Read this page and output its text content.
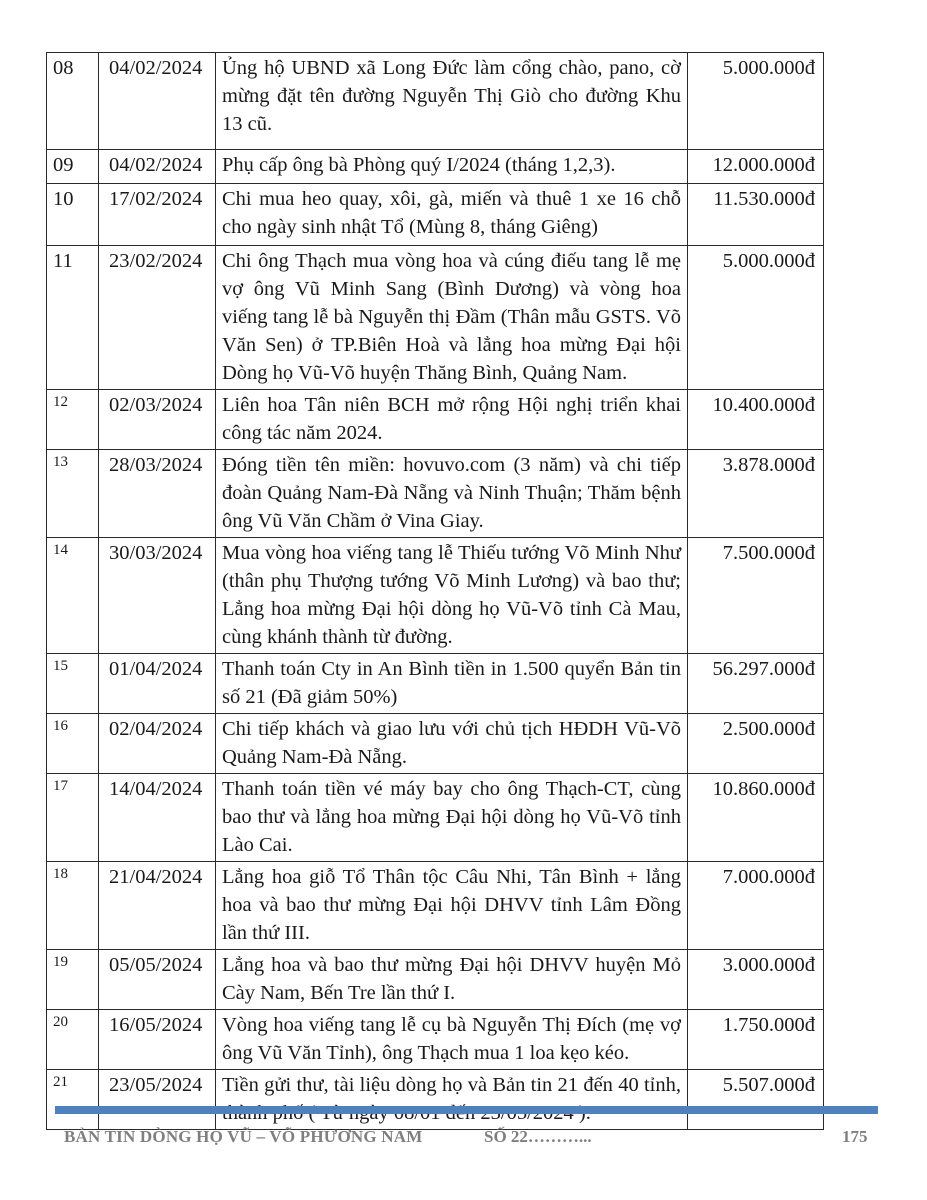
08	04/02/2024	Ủng hộ UBND xã Long Đức làm cổng chào, pano, cờ mừng đặt tên đường Nguyễn Thị Giò cho đường Khu 13 cũ.	5.000.000đ
09	04/02/2024	Phụ cấp ông bà Phòng quý I/2024 (tháng 1,2,3).	12.000.000đ
10	17/02/2024	Chi mua heo quay, xôi, gà, miến và thuê 1 xe 16 chỗ cho ngày sinh nhật Tổ (Mùng 8, tháng Giêng)	11.530.000đ
11	23/02/2024	Chi ông Thạch mua vòng hoa và cúng điếu tang lễ mẹ vợ ông Vũ Minh Sang (Bình Dương) và vòng hoa viếng tang lễ bà Nguyễn thị Đầm (Thân mẫu GSTS. Võ Văn Sen) ở TP.Biên Hoà và lẳng hoa mừng Đại hội Dòng họ Vũ-Võ huyện Thăng Bình, Quảng Nam.	5.000.000đ
12	02/03/2024	Liên hoa Tân niên BCH mở rộng Hội nghị triển khai công tác năm 2024.	10.400.000đ
13	28/03/2024	Đóng tiền tên miền: hovuvo.com (3 năm) và chi tiếp đoàn Quảng Nam-Đà Nẵng và Ninh Thuận; Thăm bệnh ông Vũ Văn Chầm ở Vina Giay.	3.878.000đ
14	30/03/2024	Mua vòng hoa viếng tang lễ Thiếu tướng Võ Minh Như (thân phụ Thượng tướng Võ Minh Lương) và bao thư; Lẳng hoa mừng Đại hội dòng họ Vũ-Võ tỉnh Cà Mau, cùng khánh thành từ đường.	7.500.000đ
15	01/04/2024	Thanh toán Cty in An Bình tiền in 1.500 quyển Bản tin số 21 (Đã giảm 50%)	56.297.000đ
16	02/04/2024	Chi tiếp khách và giao lưu với chủ tịch HĐDH Vũ-Võ Quảng Nam-Đà Nẵng.	2.500.000đ
17	14/04/2024	Thanh toán tiền vé máy bay cho ông Thạch-CT, cùng bao thư và lẳng hoa mừng Đại hội dòng họ Vũ-Võ tỉnh Lào Cai.	10.860.000đ
18	21/04/2024	Lẳng hoa giỗ Tổ Thân tộc Câu Nhi, Tân Bình + lẳng hoa và bao thư mừng Đại hội DHVV tỉnh Lâm Đồng lần thứ III.	7.000.000đ
19	05/05/2024	Lẳng hoa và bao thư mừng Đại hội DHVV huyện Mỏ Cày Nam, Bến Tre lần thứ I.	3.000.000đ
20	16/05/2024	Vòng hoa viếng tang lễ cụ bà Nguyễn Thị Đích (mẹ vợ ông Vũ Văn Tỉnh), ông Thạch mua 1 loa kẹo kéo.	1.750.000đ
21	23/05/2024	Tiền gửi thư, tài liệu dòng họ và Bản tin 21 đến 40 tỉnh,	5.507.000đ
BẢN TIN DÒNG HỌ VŨ – VÕ PHƯƠNG NAM	SỐ 22………...	175
